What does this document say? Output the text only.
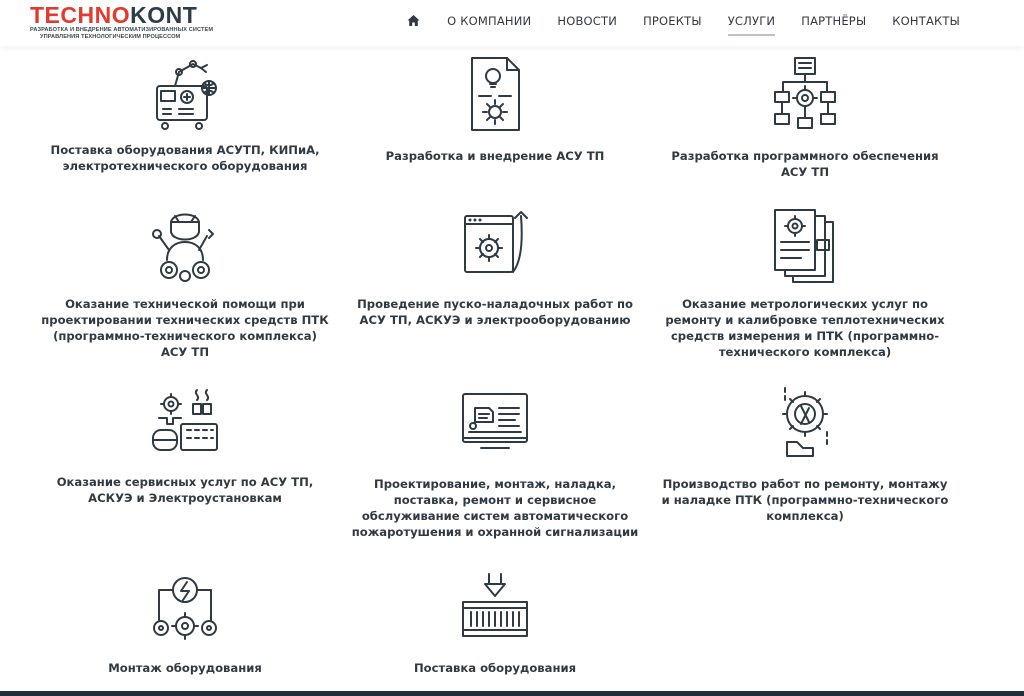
TECHNOKONT
РАЗРАБОТКА И ВНЕДРЕНИЕ АВТОМАТИЗИРОВАННЫХ СИСТЕМ
УПРАВЛЕНИЯ ТЕХНОЛОГИЧЕСКИМ ПРОЦЕССОМ
О КОМПАНИИ НОВОСТИ ПРОЕКТЫ УСЛУГИ ПАРТНЁРЫ КОНТАКТЫ
Поставка оборудования АСУТП, КИПиА, электротехнического оборудования
Разработка и внедрение АСУ ТП	Разработка программного обеспечения АСУ ТП
Оказание технической помощи при проектировании технических средств ПТК (программно-технического комплекса) АСУ ТП
Проведение пуско-наладочных работ по АСУ ТП, АСКУЭ и электрооборудованию
Оказание метрологических услуг по ремонту и калибровке теплотехнических средств измерения и ПТК (программно-технического комплекса)
Оказание сервисных услуг по АСУ ТП, АСКУЭ и Электроустановкам
Проектирование, монтаж, наладка, поставка, ремонт и сервисное обслуживание систем автоматического пожаротушения и охранной сигнализации
Производство работ по ремонту, монтажу и наладке ПТК (программно-технического комплекса)
Монтаж оборудования	Поставка оборудования
